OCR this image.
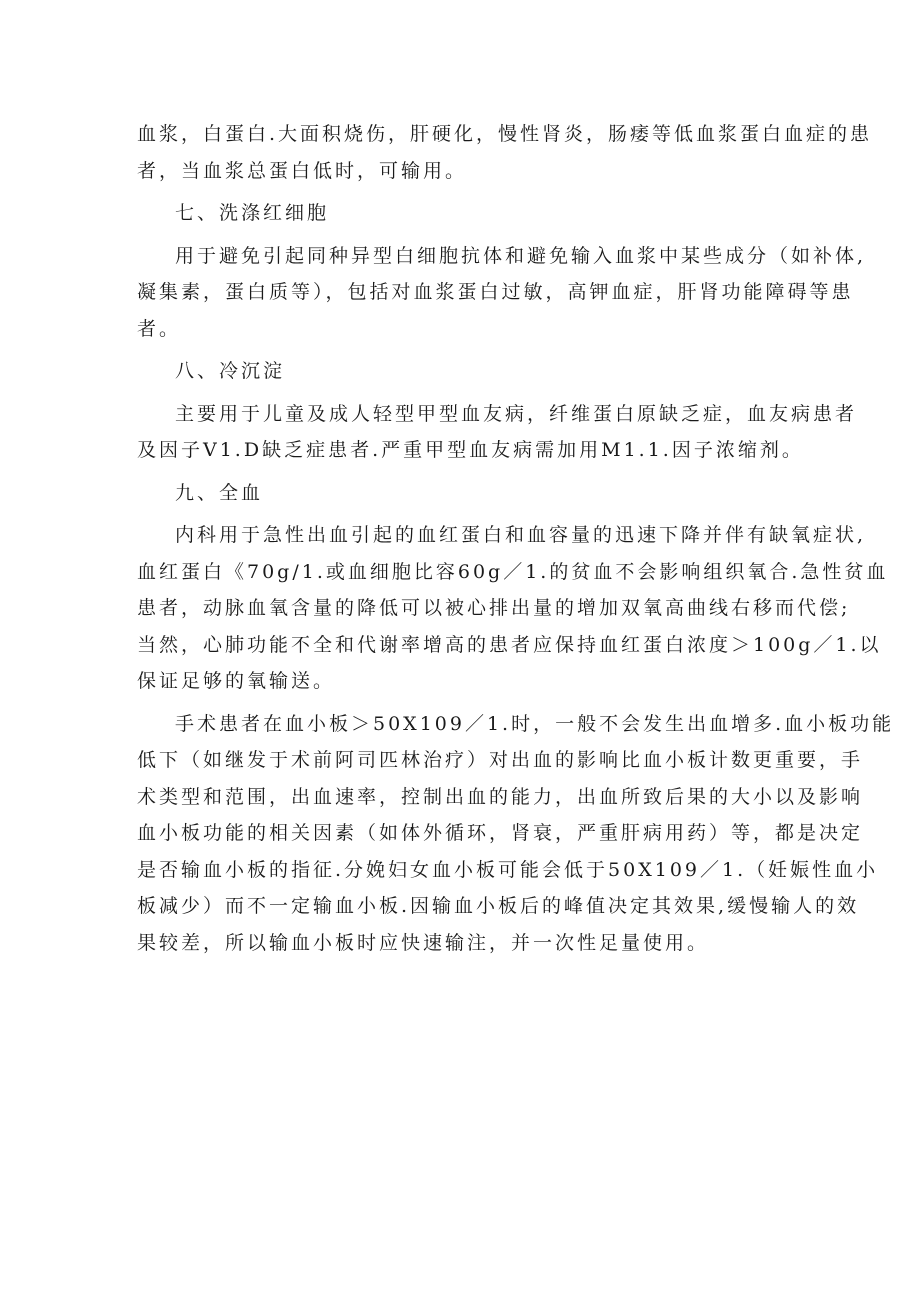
血浆，白蛋白.大面积烧伤，肝硬化，慢性肾炎，肠痿等低血浆蛋白血症的患
者，当血浆总蛋白低时，可输用。
七、洗涤红细胞
用于避免引起同种异型白细胞抗体和避免输入血浆中某些成分（如补体,
凝集素，蛋白质等），包括对血浆蛋白过敏，高钾血症，肝肾功能障碍等患
者。
八、冷沉淀
主要用于儿童及成人轻型甲型血友病，纤维蛋白原缺乏症，血友病患者
及因子V1.D缺乏症患者.严重甲型血友病需加用M1.1.因子浓缩剂。
九、全血
内科用于急性出血引起的血红蛋白和血容量的迅速下降并伴有缺氧症状,
血红蛋白《70g/1.或血细胞比容60g／1.的贫血不会影响组织氧合.急性贫血
患者，动脉血氧含量的降低可以被心排出量的增加双氧高曲线右移而代偿;
当然，心肺功能不全和代谢率增高的患者应保持血红蛋白浓度＞100g／1.以
保证足够的氧输送。
手术患者在血小板＞50X109／1.时，一般不会发生出血增多.血小板功能
低下（如继发于术前阿司匹林治疗）对出血的影响比血小板计数更重要，手
术类型和范围，出血速率，控制出血的能力，出血所致后果的大小以及影响
血小板功能的相关因素（如体外循环，肾衰，严重肝病用药）等，都是决定
是否输血小板的指征.分娩妇女血小板可能会低于50X109／1.（妊娠性血小
板减少）而不一定输血小板.因输血小板后的峰值决定其效果,缓慢输人的效
果较差，所以输血小板时应快速输注，并一次性足量使用。
